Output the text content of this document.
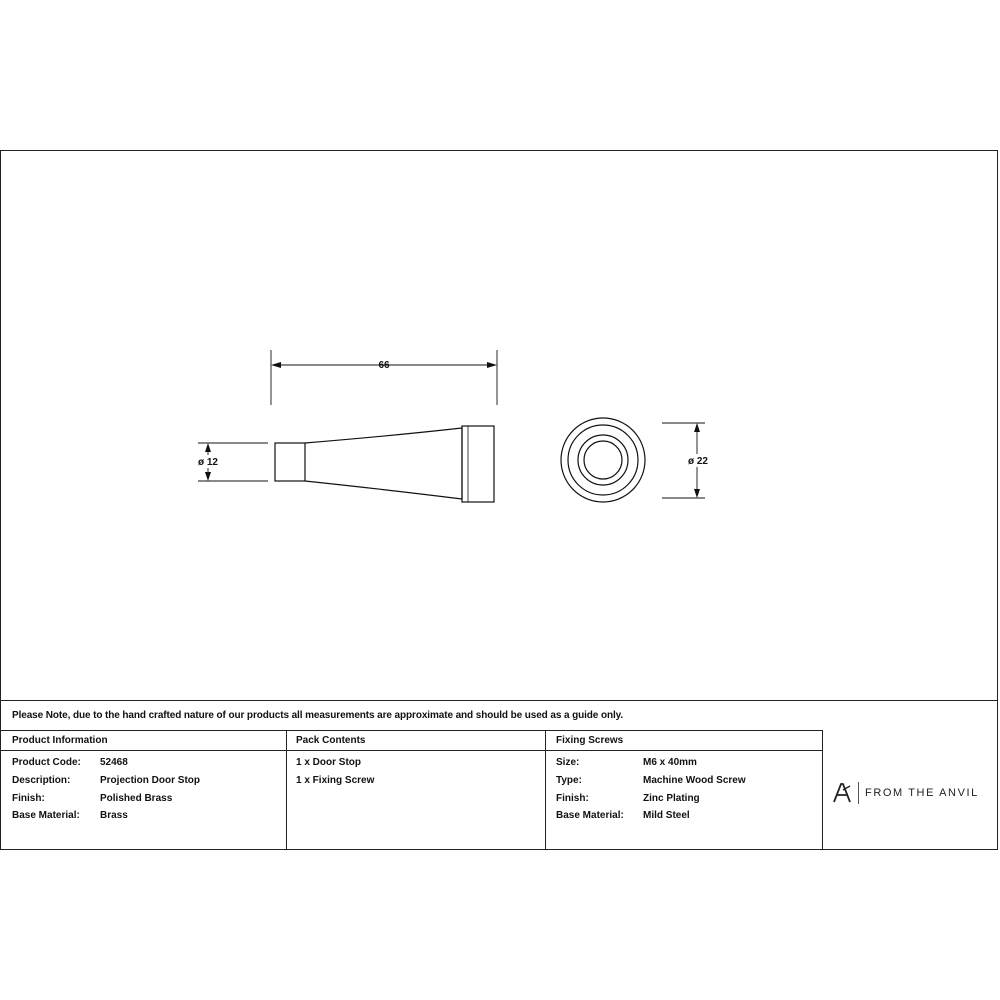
66
ø 12	ø 22
Please Note, due to the hand crafted nature of our products all measurements are approximate and should be used as a guide only.
Product Information
Product Code: 52468
Description:	Projection Door Stop
Finish:	Polished Brass
Base Material: Brass
Pack Contents
1 x Door Stop
1 x Fixing Screw
Fixing Screws
Size:	M6 x 40mm
Type:	Machine Wood Screw
Finish:	Zinc Plating
Base Material: Mild Steel
FROM THE ANVIL
